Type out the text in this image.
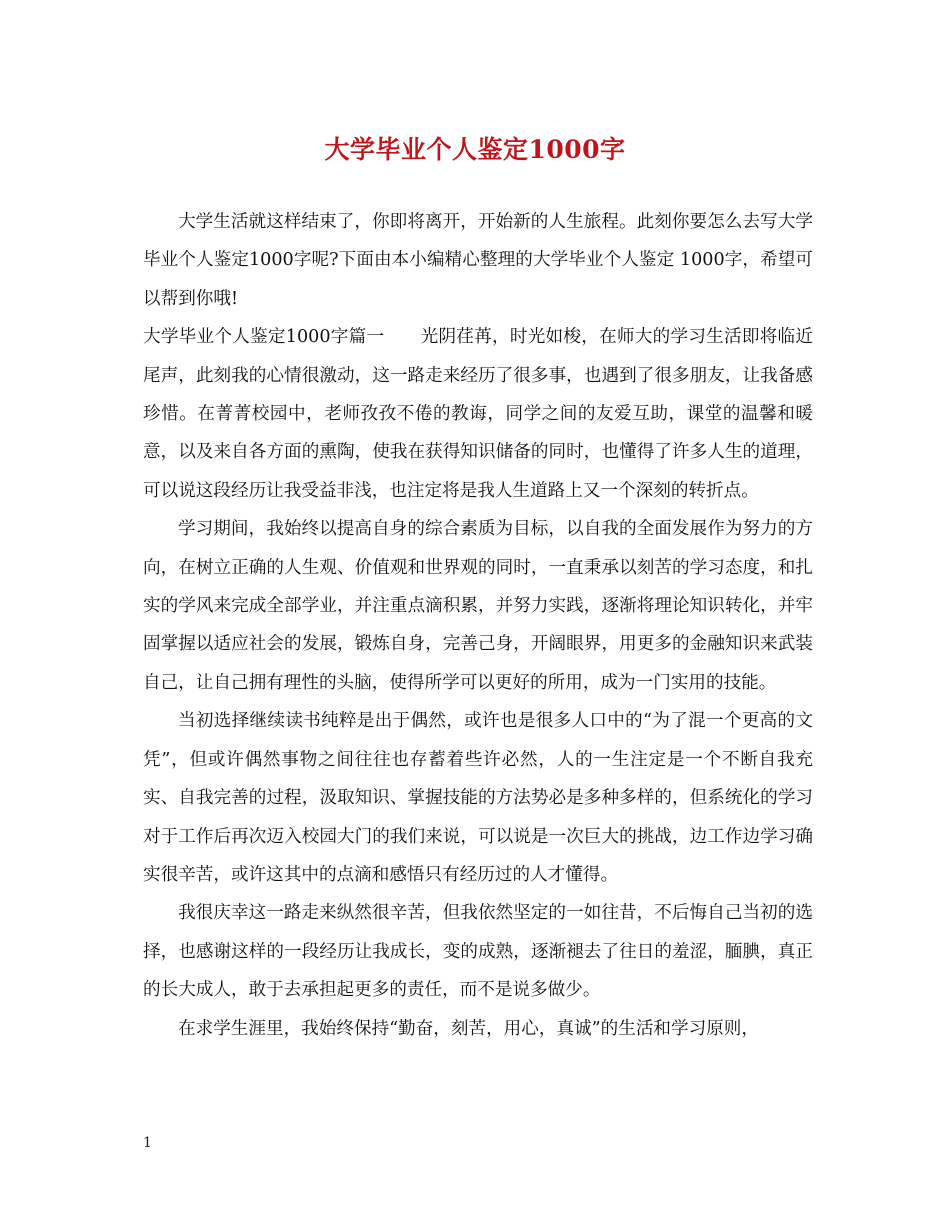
大学毕业个人鉴定1000字

大学生活就这样结束了，你即将离开，开始新的人生旅程。此刻你要怎么去写大学毕业个人鉴定1000字呢?下面由本小编精心整理的大学毕业个人鉴定 1000字，希望可以帮到你哦!

大学毕业个人鉴定1000字篇一 光阴荏苒，时光如梭，在师大的学习生活即将临近尾声，此刻我的心情很激动，这一路走来经历了很多事，也遇到了很多朋友，让我备感珍惜。在菁菁校园中，老师孜孜不倦的教诲，同学之间的友爱互助，课堂的温馨和暖意，以及来自各方面的熏陶，使我在获得知识储备的同时，也懂得了许多人生的道理，可以说这段经历让我受益非浅，也注定将是我人生道路上又一个深刻的转折点。

学习期间，我始终以提高自身的综合素质为目标，以自我的全面发展作为努力的方向，在树立正确的人生观、价值观和世界观的同时，一直秉承以刻苦的学习态度，和扎实的学风来完成全部学业，并注重点滴积累，并努力实践，逐渐将理论知识转化，并牢固掌握以适应社会的发展，锻炼自身，完善己身，开阔眼界，用更多的金融知识来武装自己，让自己拥有理性的头脑，使得所学可以更好的所用，成为一门实用的技能。

当初选择继续读书纯粹是出于偶然，或许也是很多人口中的“为了混一个更高的文凭”，但或许偶然事物之间往往也存蓄着些许必然，人的一生注定是一个不断自我充实、自我完善的过程，汲取知识、掌握技能的方法势必是多种多样的，但系统化的学习对于工作后再次迈入校园大门的我们来说，可以说是一次巨大的挑战，边工作边学习确实很辛苦，或许这其中的点滴和感悟只有经历过的人才懂得。

我很庆幸这一路走来纵然很辛苦，但我依然坚定的一如往昔，不后悔自己当初的选择，也感谢这样的一段经历让我成长，变的成熟，逐渐褪去了往日的羞涩，腼腆，真正的长大成人，敢于去承担起更多的责任，而不是说多做少。

在求学生涯里，我始终保持“勤奋，刻苦，用心，真诚”的生活和学习原则，

1
